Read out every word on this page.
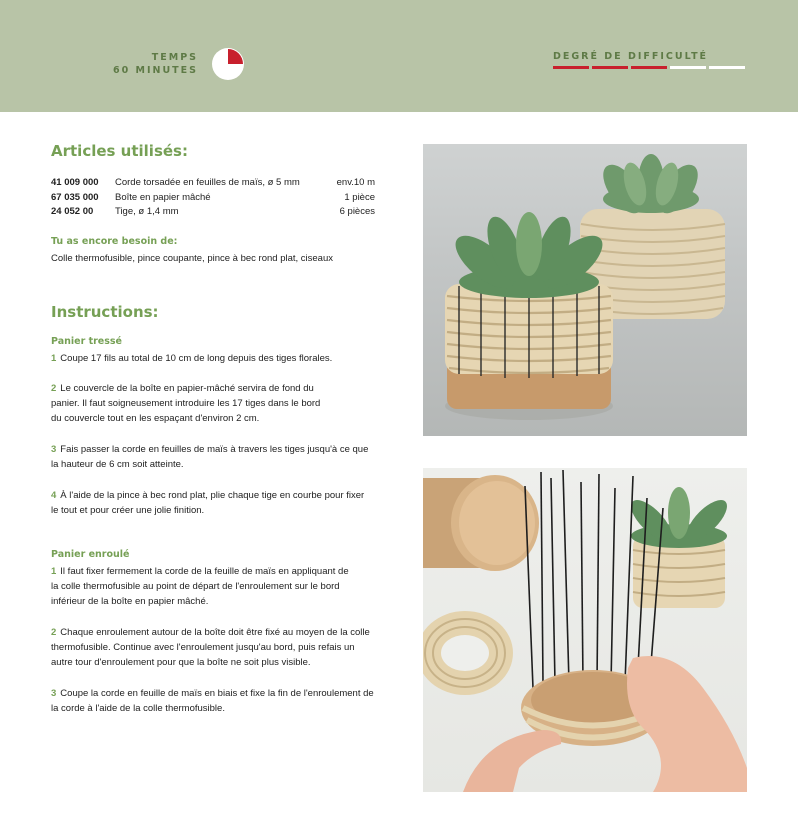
TEMPS
60 MINUTES
DEGRÉ DE DIFFICULTÉ
Articles utilisés:
41 009 000	Corde torsadée en feuilles de maïs, ø 5 mm	env.10 m
67 035 000	Boîte en papier mâché	1 pièce
24 052 00	Tige, ø 1,4 mm	6 pièces
Tu as encore besoin de:
Colle thermofusible, pince coupante, pince à bec rond plat, ciseaux
Instructions:
Panier tressé
1 Coupe 17 fils au total de 10 cm de long depuis des tiges florales.
2 Le couvercle de la boîte en papier-mâché servira de fond du
panier. Il faut soigneusement introduire les 17 tiges dans le bord
du couvercle tout en les espaçant d'environ 2 cm.
3 Fais passer la corde en feuilles de maïs à travers les tiges jusqu'à ce que
la hauteur de 6 cm soit atteinte.
4 À l'aide de la pince à bec rond plat, plie chaque tige en courbe pour fixer
le tout et pour créer une jolie finition.
Panier enroulé
1 Il faut fixer fermement la corde de la feuille de maïs en appliquant de
la colle thermofusible au point de départ de l'enroulement sur le bord
inférieur de la boîte en papier mâché.
2 Chaque enroulement autour de la boîte doit être fixé au moyen de la colle
thermofusible. Continue avec l'enroulement jusqu'au bord, puis refais un
autre tour d'enroulement pour que la boîte ne soit plus visible.
3 Coupe la corde en feuille de maïs en biais et fixe la fin de l'enroulement de
la corde à l'aide de la colle thermofusible.
